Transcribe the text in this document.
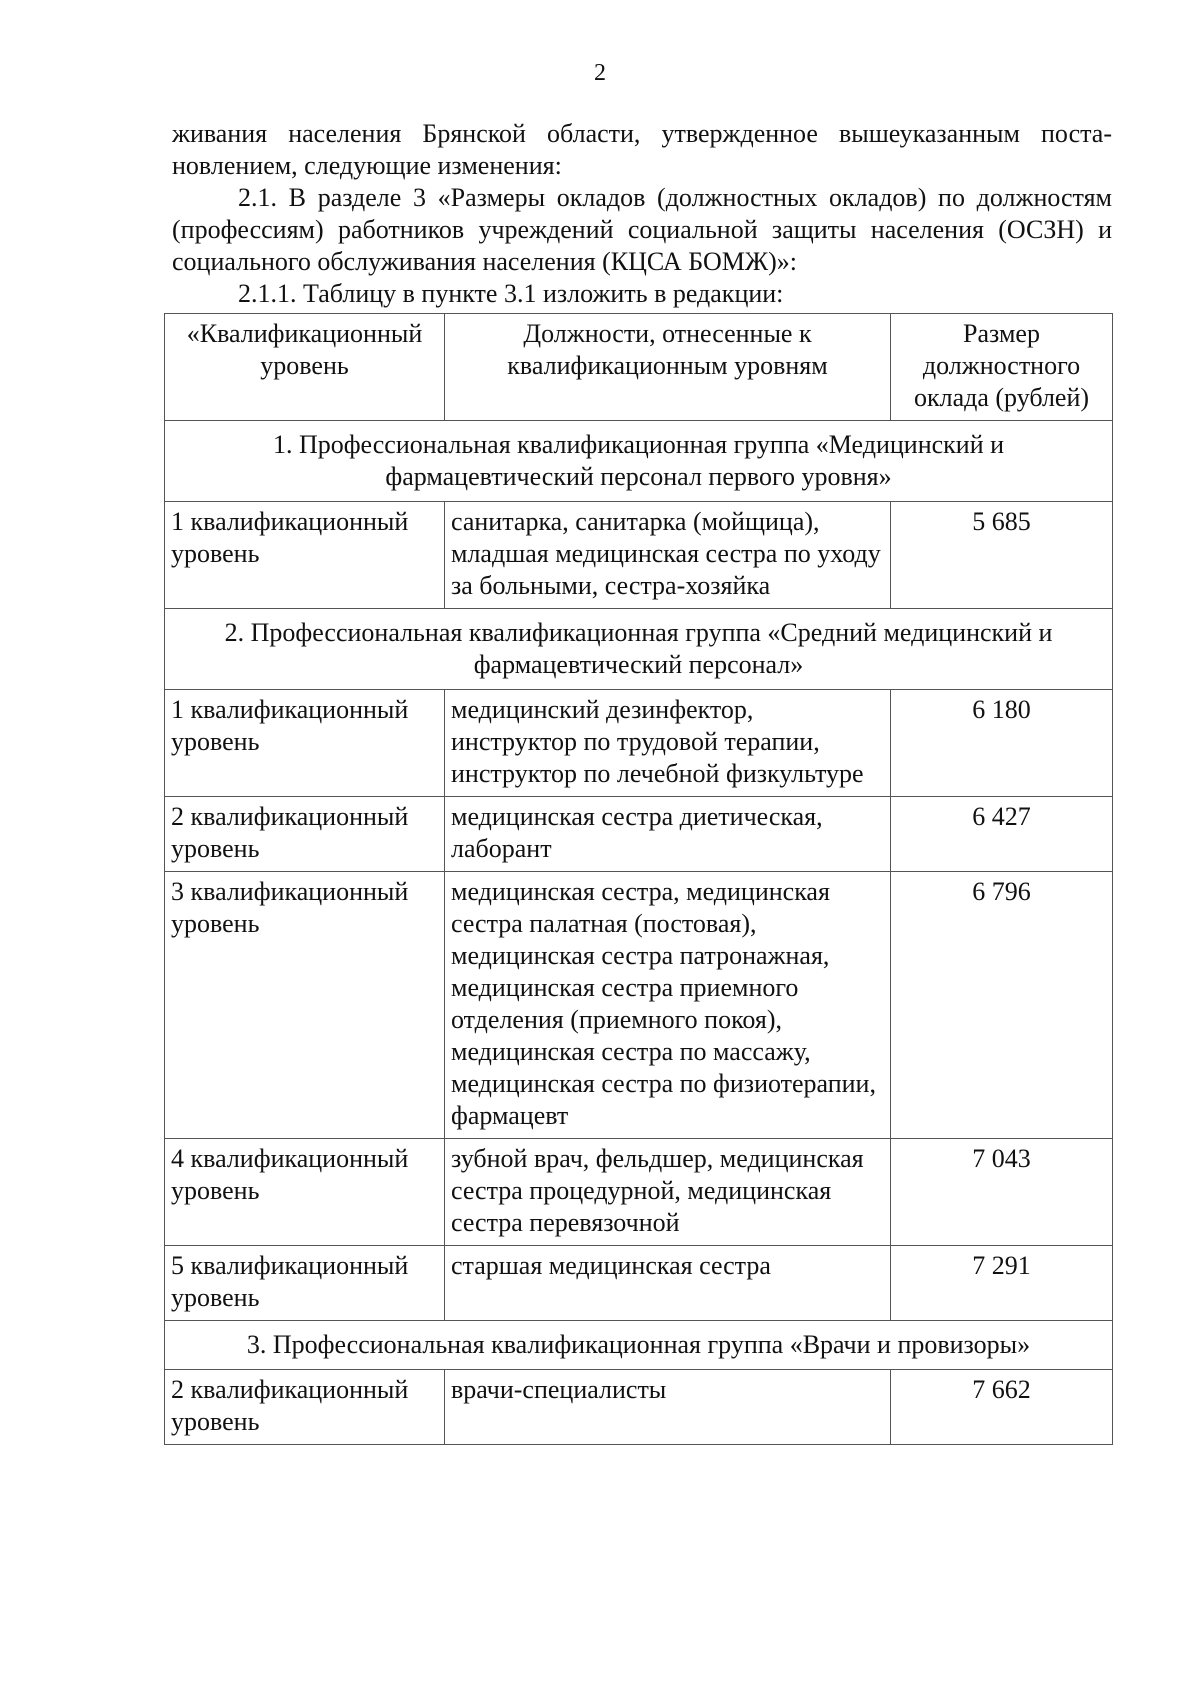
2

живания населения Брянской области, утвержденное вышеуказанным поста-

новлением, следующие изменения:

2.1. В разделе 3 «Размеры окладов (должностных окладов) по должностям (профессиям) работников учреждений социальной защиты населения (ОСЗН) и социального обслуживания населения (КЦСА БОМЖ)»:

2.1.1. Таблицу в пункте 3.1 изложить в редакции:

«Квалификационный уровень	Должности, отнесенные к квалификационным уровням	Размер должностного оклада (рублей)
1. Профессиональная квалификационная группа «Медицинский и фармацевтический персонал первого уровня»		
1 квалификационный уровень	санитарка, санитарка (мойщица), младшая медицинская сестра по уходу за больными, сестра-хозяйка	5 685
2. Профессиональная квалификационная группа «Средний медицинский и фармацевтический персонал»		
1 квалификационный уровень	медицинский дезинфектор, инструктор по трудовой терапии, инструктор по лечебной физкультуре	6 180
2 квалификационный уровень	медицинская сестра диетическая, лаборант	6 427
3 квалификационный уровень	медицинская сестра, медицинская сестра палатная (постовая), медицинская сестра патронажная, медицинская сестра приемного отделения (приемного покоя), медицинская сестра по массажу, медицинская сестра по физиотерапии, фармацевт	6 796
4 квалификационный уровень	зубной врач, фельдшер, медицинская сестра процедурной, медицинская сестра перевязочной	7 043
5 квалификационный уровень	старшая медицинская сестра	7 291
3. Профессиональная квалификационная группа «Врачи и провизоры»		
2 квалификационный уровень	врачи-специалисты	7 662
